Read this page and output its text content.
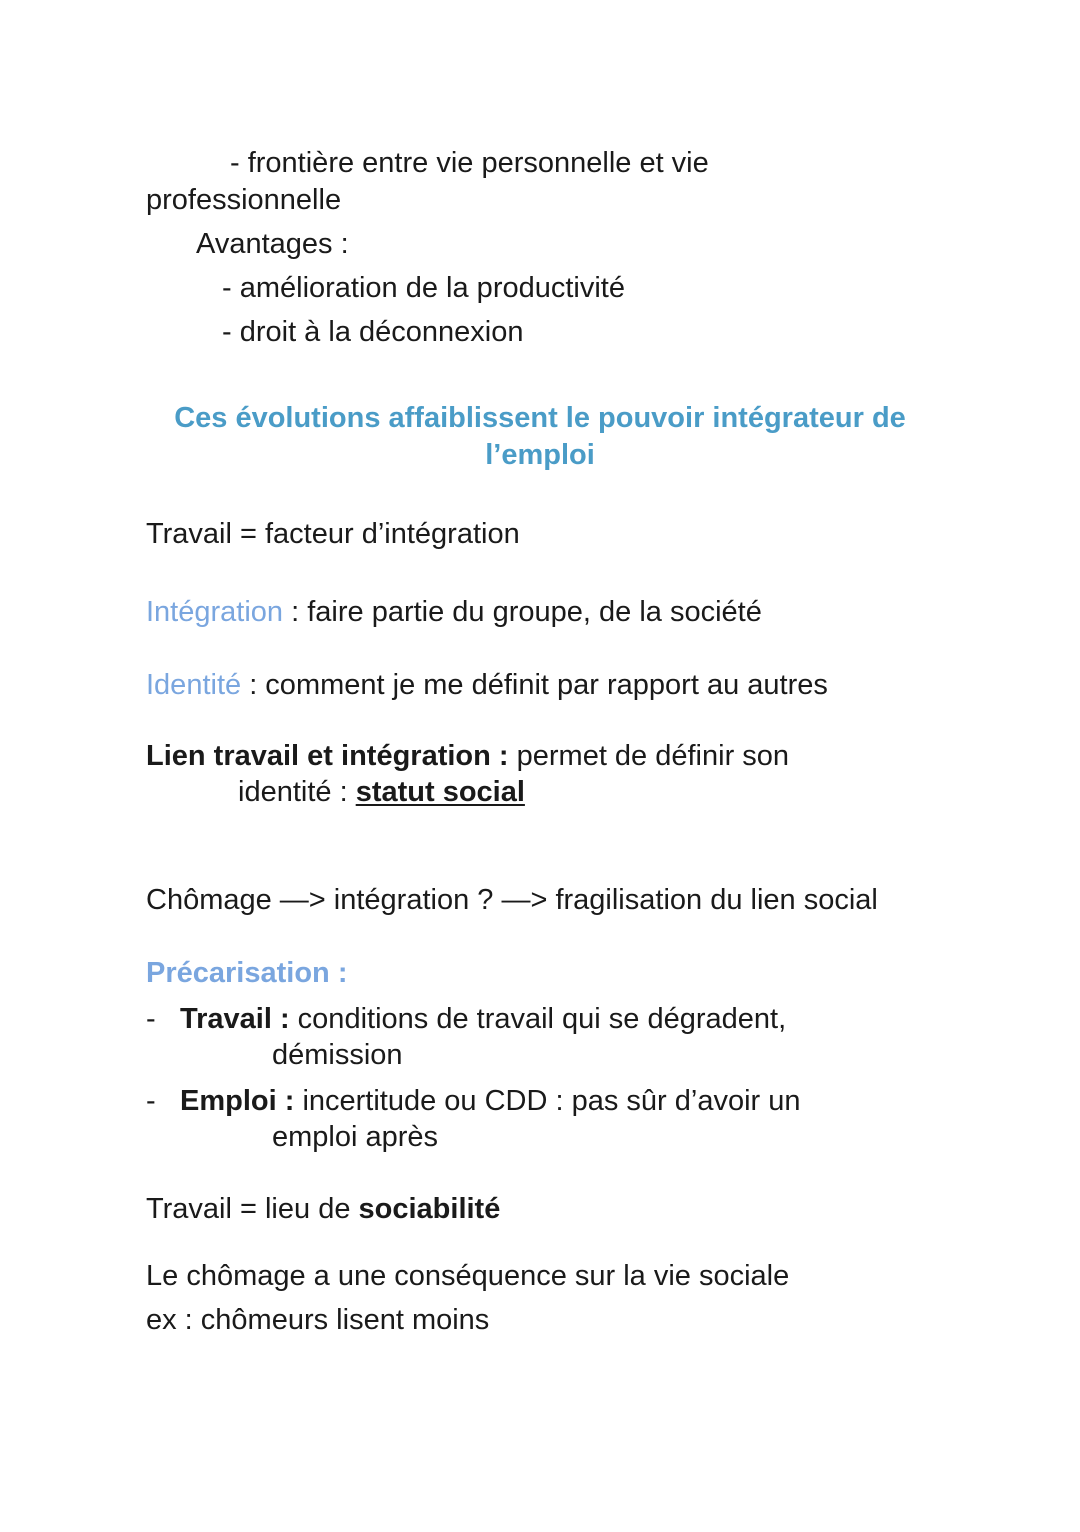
- frontière entre vie personnelle et vie
professionnelle
Avantages :
- amélioration de la productivité
- droit à la déconnexion
Ces évolutions affaiblissent le pouvoir intégrateur de
l’emploi
Travail = facteur d’intégration
Intégration : faire partie du groupe, de la société
Identité : comment je me définit par rapport au autres
Lien travail et intégration : permet de définir son
identité : statut social
Chômage —> intégration ? —> fragilisation du lien social
Précarisation :
- Travail : conditions de travail qui se dégradent,
démission
- Emploi : incertitude ou CDD : pas sûr d’avoir un
emploi après
Travail = lieu de sociabilité
Le chômage a une conséquence sur la vie sociale
ex : chômeurs lisent moins
